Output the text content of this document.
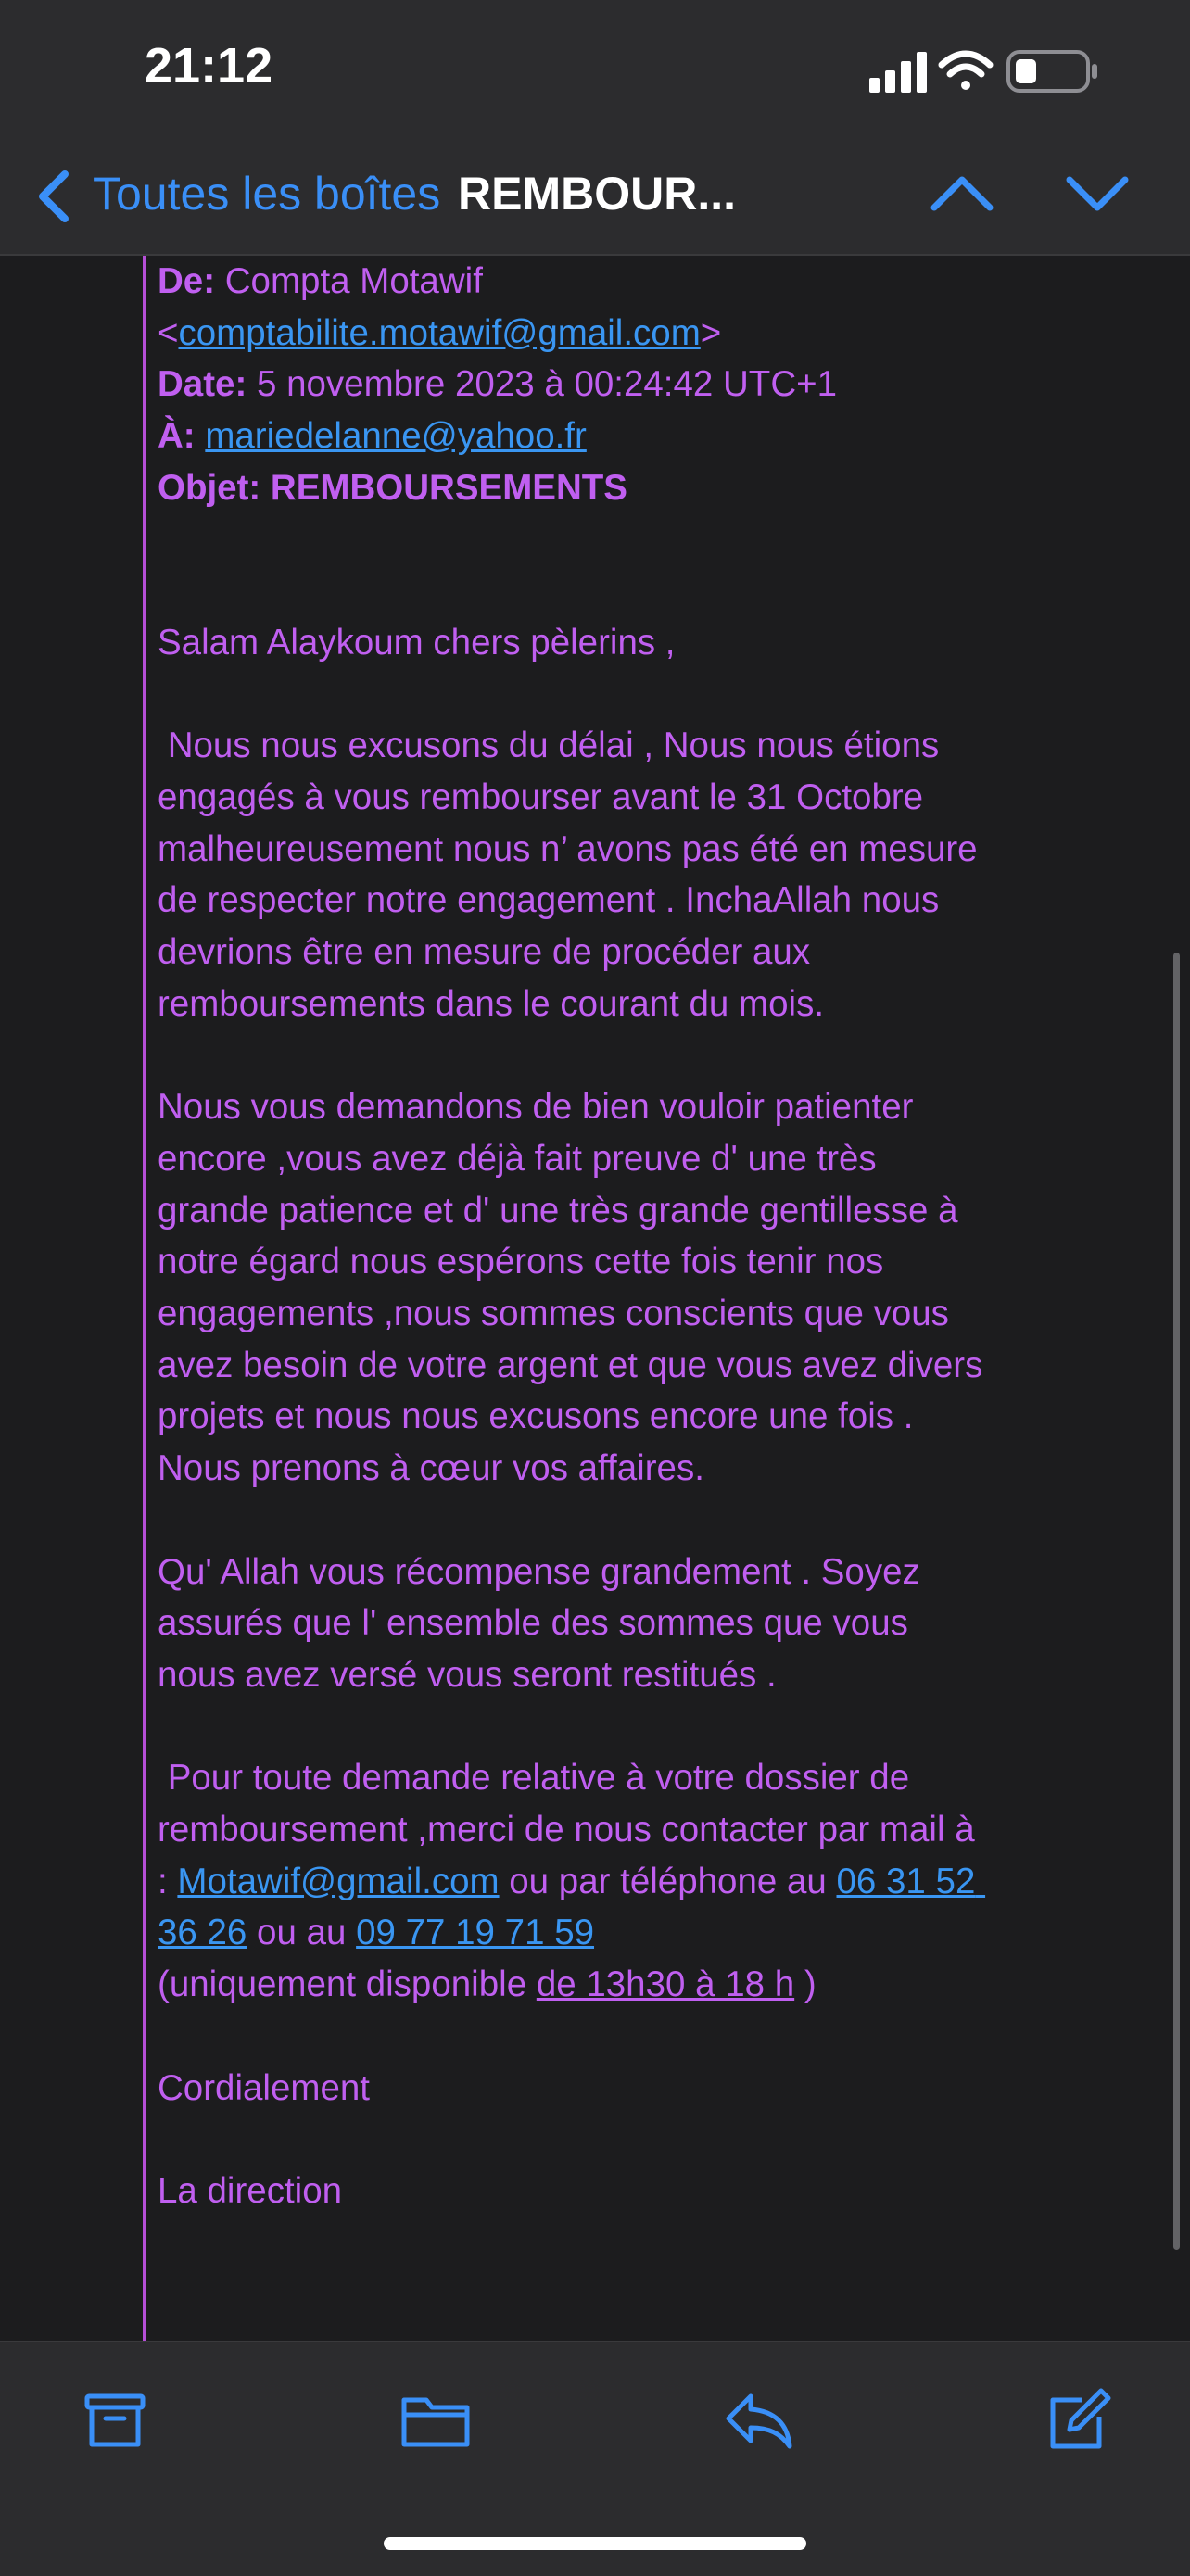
21:12
Toutes les boîtes REMBOUR...

De: Compta Motawif
<comptabilite.motawif@gmail.com>

Date: 5 novembre 2023 à 00:24:42 UTC+1

À: mariedelanne@yahoo.fr

Objet: REMBOURSEMENTS

Salam Alaykoum chers pèlerins ,

Nous nous excusons du délai , Nous nous étions engagés à vous rembourser avant le 31 Octobre malheureusement nous n’ avons pas été en mesure de respecter notre engagement . InchaAllah nous devrions être en mesure de procéder aux remboursements dans le courant du mois.

Nous vous demandons de bien vouloir patienter encore ,vous avez déjà fait preuve d' une très grande patience et d' une très grande gentillesse à notre égard nous espérons cette fois tenir nos engagements ,nous sommes conscients que vous avez besoin de votre argent et que vous avez divers projets et nous nous excusons encore une fois . Nous prenons à cœur vos affaires.

Qu' Allah vous récompense grandement . Soyez assurés que l' ensemble des sommes que vous nous avez versé vous seront restitués .

Pour toute demande relative à votre dossier de remboursement ,merci de nous contacter par mail à : Motawif@gmail.com ou par téléphone au 06 31 52 36 26 ou au 09 77 19 71 59
(uniquement disponible de 13h30 à 18 h )

Cordialement

La direction
